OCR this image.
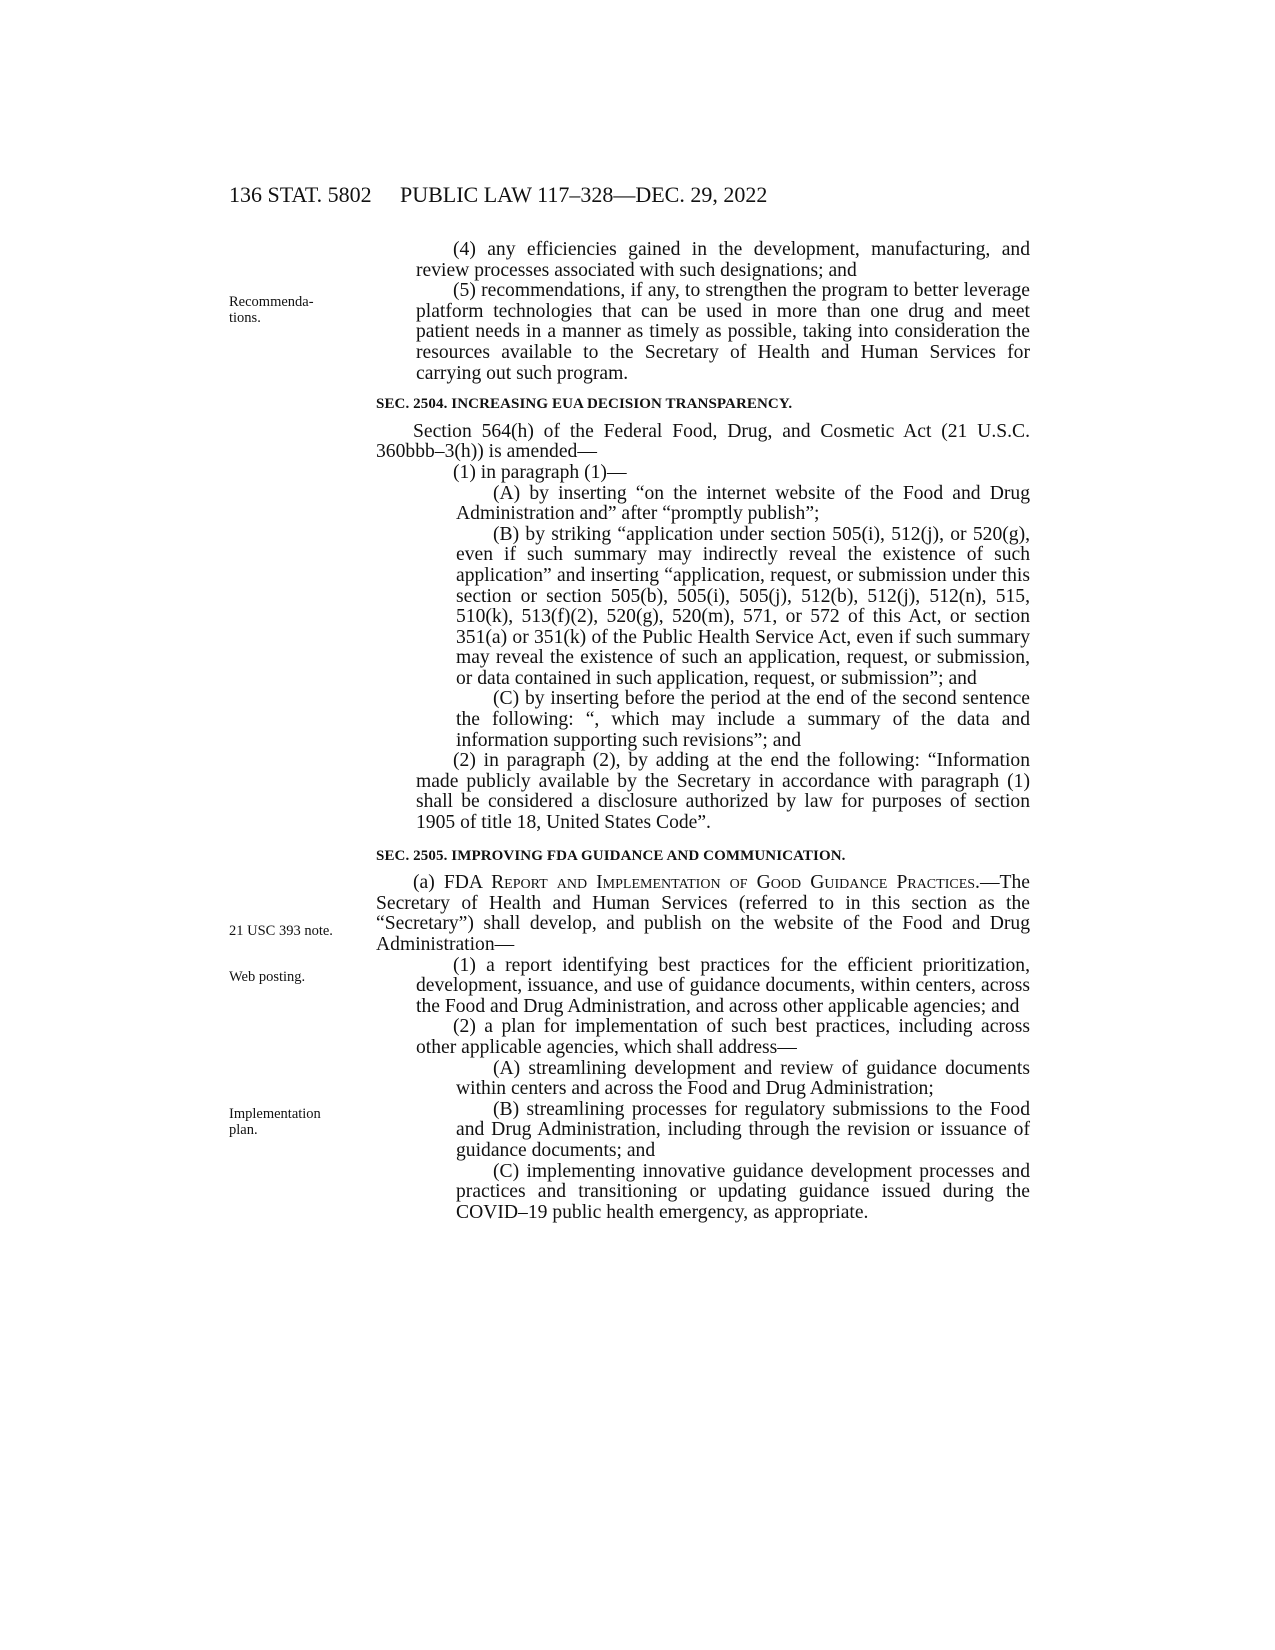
136 STAT. 5802 PUBLIC LAW 117–328—DEC. 29, 2022
Recommenda- tions.
21 USC 393 note.
Web posting.
Implementation plan.

(4) any efficiencies gained in the development, manufacturing, and review processes associated with such designations; and

(5) recommendations, if any, to strengthen the program to better leverage platform technologies that can be used in more than one drug and meet patient needs in a manner as timely as possible, taking into consideration the resources available to the Secretary of Health and Human Services for carrying out such program.

SEC. 2504. INCREASING EUA DECISION TRANSPARENCY.

Section 564(h) of the Federal Food, Drug, and Cosmetic Act (21 U.S.C. 360bbb–3(h)) is amended—

(1) in paragraph (1)—

(A) by inserting “on the internet website of the Food and Drug Administration and” after “promptly publish”;

(B) by striking “application under section 505(i), 512(j), or 520(g), even if such summary may indirectly reveal the existence of such application” and inserting “application, request, or submission under this section or section 505(b), 505(i), 505(j), 512(b), 512(j), 512(n), 515, 510(k), 513(f)(2), 520(g), 520(m), 571, or 572 of this Act, or section 351(a) or 351(k) of the Public Health Service Act, even if such summary may reveal the existence of such an application, request, or submission, or data contained in such application, request, or submission”; and

(C) by inserting before the period at the end of the second sentence the following: “, which may include a summary of the data and information supporting such revisions”; and

(2) in paragraph (2), by adding at the end the following: “Information made publicly available by the Secretary in accordance with paragraph (1) shall be considered a disclosure authorized by law for purposes of section 1905 of title 18, United States Code”.

SEC. 2505. IMPROVING FDA GUIDANCE AND COMMUNICATION.

(a) FDA Report and Implementation of Good Guidance Practices.—The Secretary of Health and Human Services (referred to in this section as the “Secretary”) shall develop, and publish on the website of the Food and Drug Administration—

(1) a report identifying best practices for the efficient prioritization, development, issuance, and use of guidance documents, within centers, across the Food and Drug Administration, and across other applicable agencies; and

(2) a plan for implementation of such best practices, including across other applicable agencies, which shall address—

(A) streamlining development and review of guidance documents within centers and across the Food and Drug Administration;

(B) streamlining processes for regulatory submissions to the Food and Drug Administration, including through the revision or issuance of guidance documents; and

(C) implementing innovative guidance development processes and practices and transitioning or updating guidance issued during the COVID–19 public health emergency, as appropriate.
